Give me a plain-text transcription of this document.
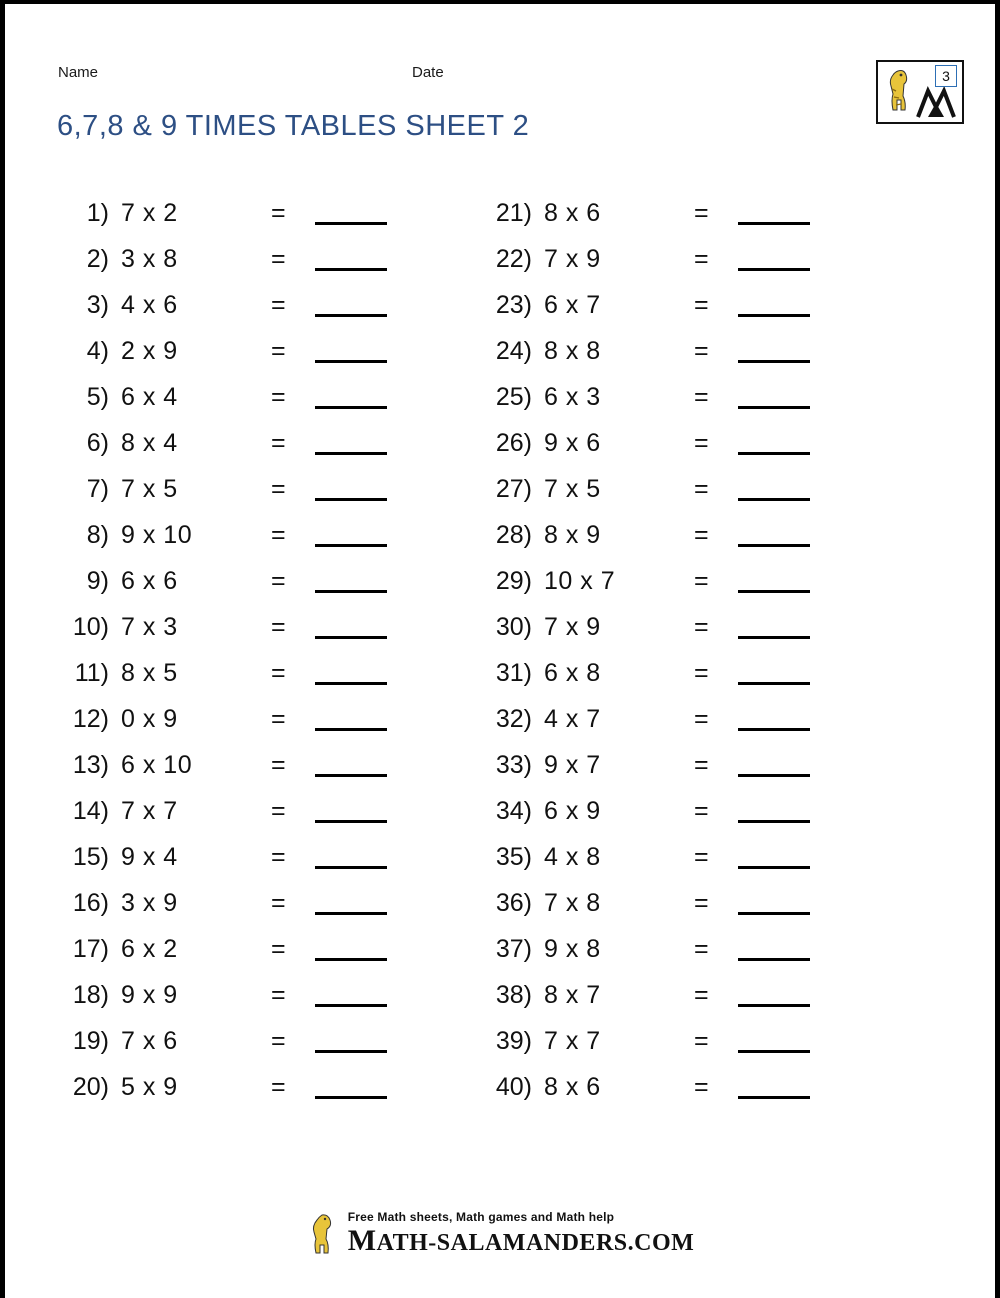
Name	Date
6,7,8 & 9 TIMES TABLES SHEET 2
3
1) 7 x 2	=
2) 3 x 8	=
3) 4 x 6	=
4) 2 x 9	=
5) 6 x 4	=
6) 8 x 4	=
7) 7 x 5	=
8) 9 x 10	=
9) 6 x 6	=
10) 7 x 3	=
11) 8 x 5	=
12) 0 x 9	=
13) 6 x 10	=
14) 7 x 7	=
15) 9 x 4	=
16) 3 x 9	=
17) 6 x 2	=
18) 9 x 9	=
19) 7 x 6	=
20) 5 x 9	=
21) 8 x 6	=
22) 7 x 9	=
23) 6 x 7	=
24) 8 x 8	=
25) 6 x 3	=
26) 9 x 6	=
27) 7 x 5	=
28) 8 x 9	=
29) 10 x 7	=
30) 7 x 9	=
31) 6 x 8	=
32) 4 x 7	=
33) 9 x 7	=
34) 6 x 9	=
35) 4 x 8	=
36) 7 x 8	=
37) 9 x 8	=
38) 8 x 7	=
39) 7 x 7	=
40) 8 x 6	=
Free Math sheets, Math games and Math help
MATH-SALAMANDERS.COM
